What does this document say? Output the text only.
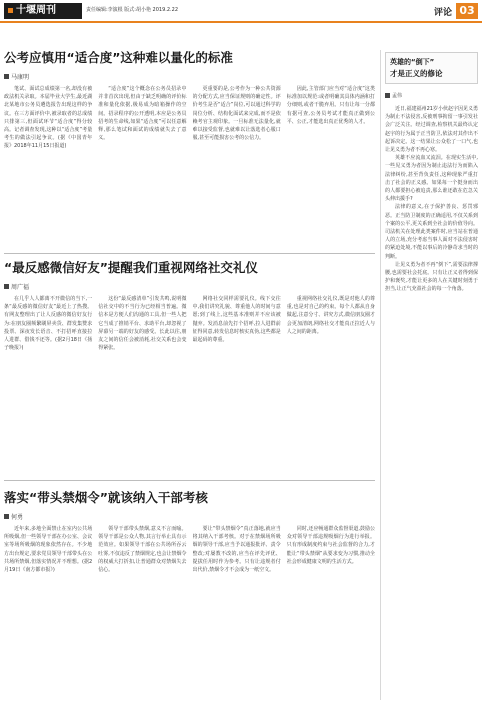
十堰周刊	责任编辑:李演根 版式:胡小艳 2019.2.22	评论 03
公考应慎用“适合度”这种难以量化的标准
马康明

笔试、面试总成绩第一名,却没有被政法机关录取。本届毕业大学生,最近湖北某地市公务员遴选报告出现这样的争议。在三方面评价中,被录取者的总成绩只排第三,但面试环节“适合度”得分较高。记者调查发现,这种以“适合度”考量考生的做法引起争议。(据《中国青年报》2018年11月15日报道)

“适合度”这个概念在公务员招录中并非首次出现,但由于缺乏明确的评价标准和量化依据,极易成为暗箱操作的空间。招录程序的公开透明,本应是公务员招考的生命线,如果“适合度”可以任意解释,那么笔试和面试的成绩就失去了意义。

更重要的是,公考作为一种公共资源的分配方式,应当保证规则的确定性。评价考生是否“适合”岗位,可以通过科学的岗位分析、结构化面试来完成,而不是依赖考官主观印象。一旦标准无法量化,就难以接受监督,也就难以让落选者心服口服,甚至可能损害公考的公信力。

因此,主管部门应当对“适合度”这类标准加以规范:或者明确其具体内涵和打分细则,或者干脆弃用。只有让每一分都有据可查,公务员考试才能真正做到公平、公正,才能选出真正优秀的人才。

“最反感微信好友”提醒我们重视网络社交礼仪
周广福

在几乎人人都离不开微信的当下,一条“最反感的微信好友”最近上了热搜。有网友整理出了让人反感的微信好友行为:在朋友圈频繁刷屏卖货、群发集赞求投票、深夜发长语音、不打招呼直接拉人进群、借钱不还等。(据2月18日《扬子晚报》)

这份“最反感清单”引发共鸣,说明微信社交中的不当行为已经相当普遍。微信本是方便人们沟通的工具,但一些人把它当成了推销平台、求助平台,却忽视了屏幕另一端的好友的感受。长此以往,朋友之间的信任会被消耗,社交关系也会变得紧张。

网络社交同样需要礼仪。线下交往中,我们讲究礼貌、尊重他人的时间与意愿;到了线上,这些基本准则并不应该被抛弃。发消息前先打个招呼,拉人进群前征得同意,转发信息时核实真伪,这些都是最起码的尊重。

重视网络社交礼仪,既是对他人的尊重,也是对自己的约束。每个人都从自身做起,注意分寸、讲究方式,微信朋友圈才会更加清朗,网络社交才能真正拉近人与人之间的距离。

落实“带头禁烟令”就该纳入干部考核
何勇

近年来,多地全面禁止在室内公共场所吸烟,但一些领导干部在办公室、会议室等场所吸烟的现象依然存在。不少地方出台规定,要求党员领导干部带头在公共场所禁烟,但落实情况并不理想。(据2月19日《南方都市报》)

领导干部带头禁烟,意义不言而喻。领导干部是公众人物,其言行举止具有示范效应。如果领导干部在公共场所吞云吐雾,不仅违反了禁烟规定,也会让禁烟令的权威大打折扣,让普通群众对禁烟失去信心。

要让“带头禁烟令”真正落地,就应当将其纳入干部考核。对于在禁烟场所吸烟的领导干部,应当予以通报批评、责令整改;对屡教不改的,应当在评先评优、提拔任用时作为参考。只有让违规者付出代价,禁烟令才不会成为一纸空文。

同时,还应畅通群众监督渠道,鼓励公众对领导干部违规吸烟行为进行举报。只有形成制度约束与社会监督的合力,才能让“带头禁烟”从要求变为习惯,推动全社会形成健康文明的生活方式。

英雄的“倒下”
才是正义的修论
孟伟

近日,福建福州21岁小伙赵宇因见义勇为制止不法侵害,反被刑事拘留一事引发社会广泛关注。经过调查,检察机关最终认定赵宇的行为属于正当防卫,依法对其作出不起诉决定。这一结果让公众松了一口气,也让见义勇为者不再心寒。

英雄不应流血又流泪。在现实生活中,一些见义勇为者因为制止违法行为而陷入法律纠纷,甚至背负责任,这种现象严重打击了社会的正义感。如果每一个挺身而出的人都要担心被追责,那么谁还敢在危急关头伸出援手?

法律的意义,在于保护善良、惩罚邪恶。正当防卫制度的正确适用,不仅关系到个案的公平,更关系到全社会的价值导向。司法机关在处理此类案件时,应当站在普通人的立场,充分考虑当事人面对不法侵害时的紧迫处境,不能以事后的冷静苛求当时的判断。

让见义勇为者不再“倒下”,需要法律撑腰,也需要社会托底。只有让正义者得到保护和褒奖,才能让更多的人在关键时刻勇于担当,让正气充盈社会的每一个角落。
